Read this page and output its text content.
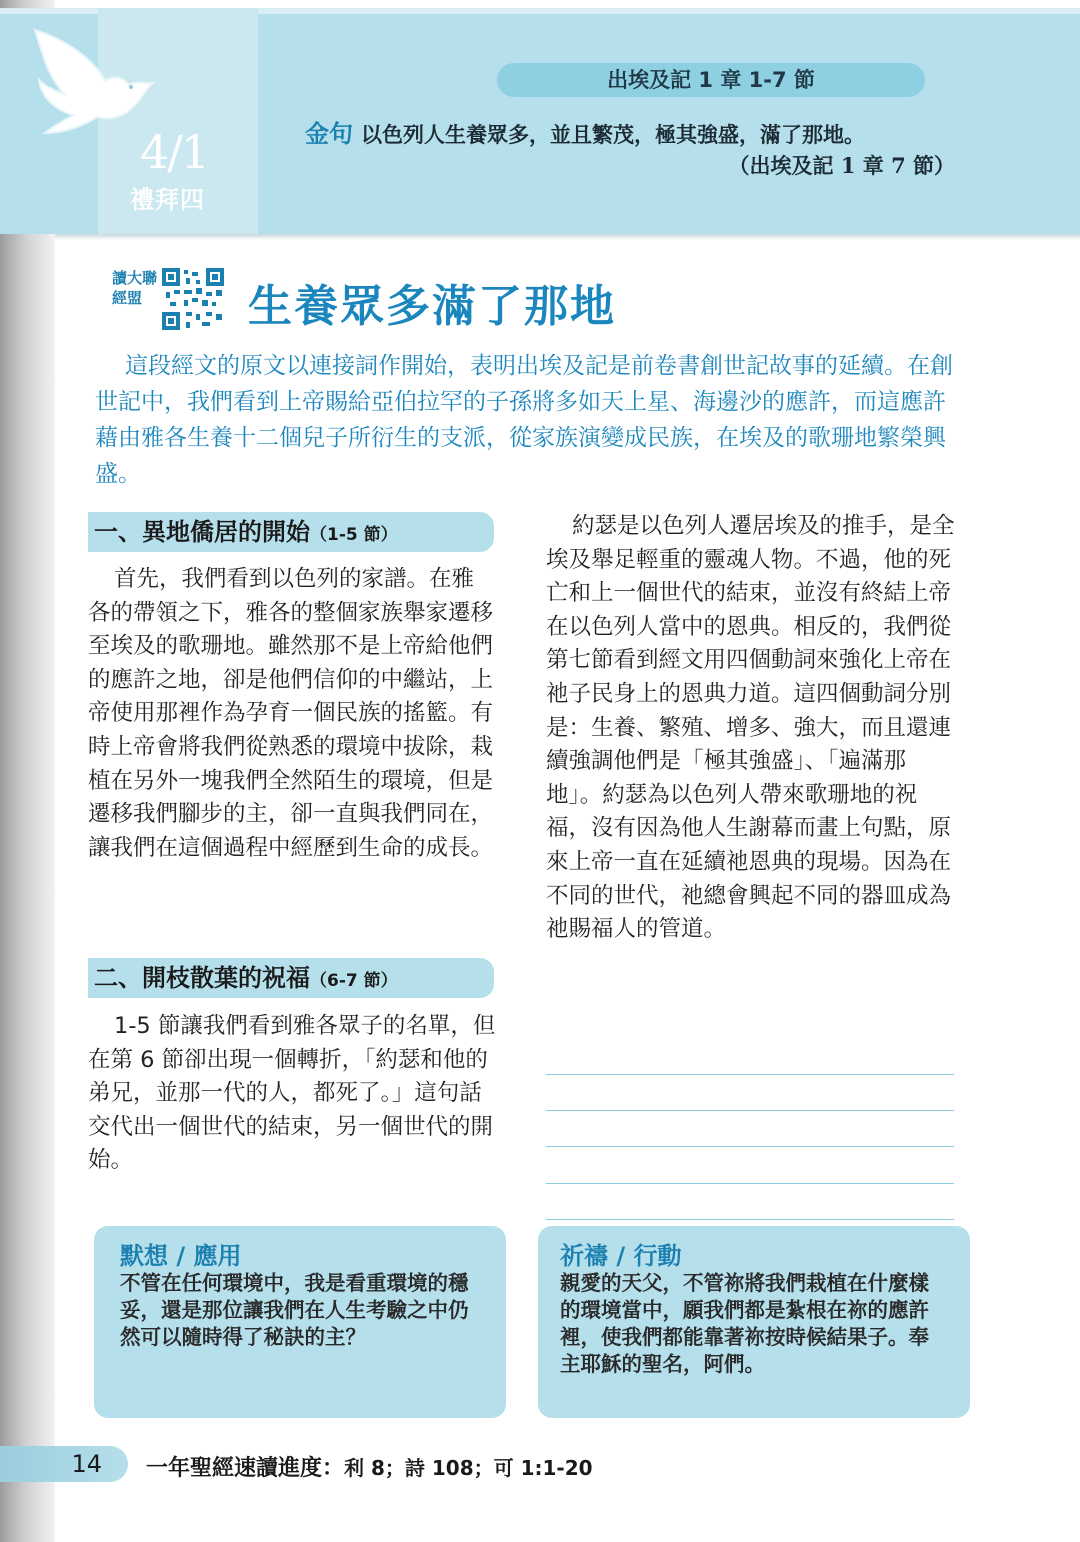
4/1
禮拜四
出埃及記 1 章 1-7 節
金句 以色列人生養眾多，並且繁茂，極其強盛，滿了那地。
（出埃及記 1 章 7 節）
讀大聯經盟	生養眾多滿了那地
這段經文的原文以連接詞作開始，表明出埃及記是前卷書創世記故事的延續。在創世記中，我們看到上帝賜給亞伯拉罕的子孫將多如天上星、海邊沙的應許，而這應許藉由雅各生養十二個兒子所衍生的支派，從家族演變成民族，在埃及的歌珊地繁榮興盛。
一、異地僑居的開始（1-5 節）
首先，我們看到以色列的家譜。在雅各的帶領之下，雅各的整個家族舉家遷移至埃及的歌珊地。雖然那不是上帝給他們的應許之地，卻是他們信仰的中繼站，上帝使用那裡作為孕育一個民族的搖籃。有時上帝會將我們從熟悉的環境中拔除，栽植在另外一塊我們全然陌生的環境，但是遷移我們腳步的主，卻一直與我們同在，讓我們在這個過程中經歷到生命的成長。
二、開枝散葉的祝福（6-7 節）
1-5 節讓我們看到雅各眾子的名單，但在第 6 節卻出現一個轉折，「約瑟和他的弟兄，並那一代的人，都死了。」這句話交代出一個世代的結束，另一個世代的開始。
約瑟是以色列人遷居埃及的推手，是全埃及舉足輕重的靈魂人物。不過，他的死亡和上一個世代的結束，並沒有終結上帝在以色列人當中的恩典。相反的，我們從第七節看到經文用四個動詞來強化上帝在祂子民身上的恩典力道。這四個動詞分別是：生養、繁殖、增多、強大，而且還連續強調他們是「極其強盛」、「遍滿那地」。約瑟為以色列人帶來歌珊地的祝福，沒有因為他人生謝幕而畫上句點，原來上帝一直在延續祂恩典的現場。因為在不同的世代，祂總會興起不同的器皿成為祂賜福人的管道。
默想 / 應用
不管在任何環境中，我是看重環境的穩妥，還是那位讓我們在人生考驗之中仍然可以隨時得了秘訣的主？
祈禱 / 行動
親愛的天父，不管祢將我們栽植在什麼樣的環境當中，願我們都是紮根在祢的應許裡，使我們都能靠著祢按時候結果子。奉主耶穌的聖名，阿們。
14	一年聖經速讀進度：利 8；詩 108；可 1:1-20
